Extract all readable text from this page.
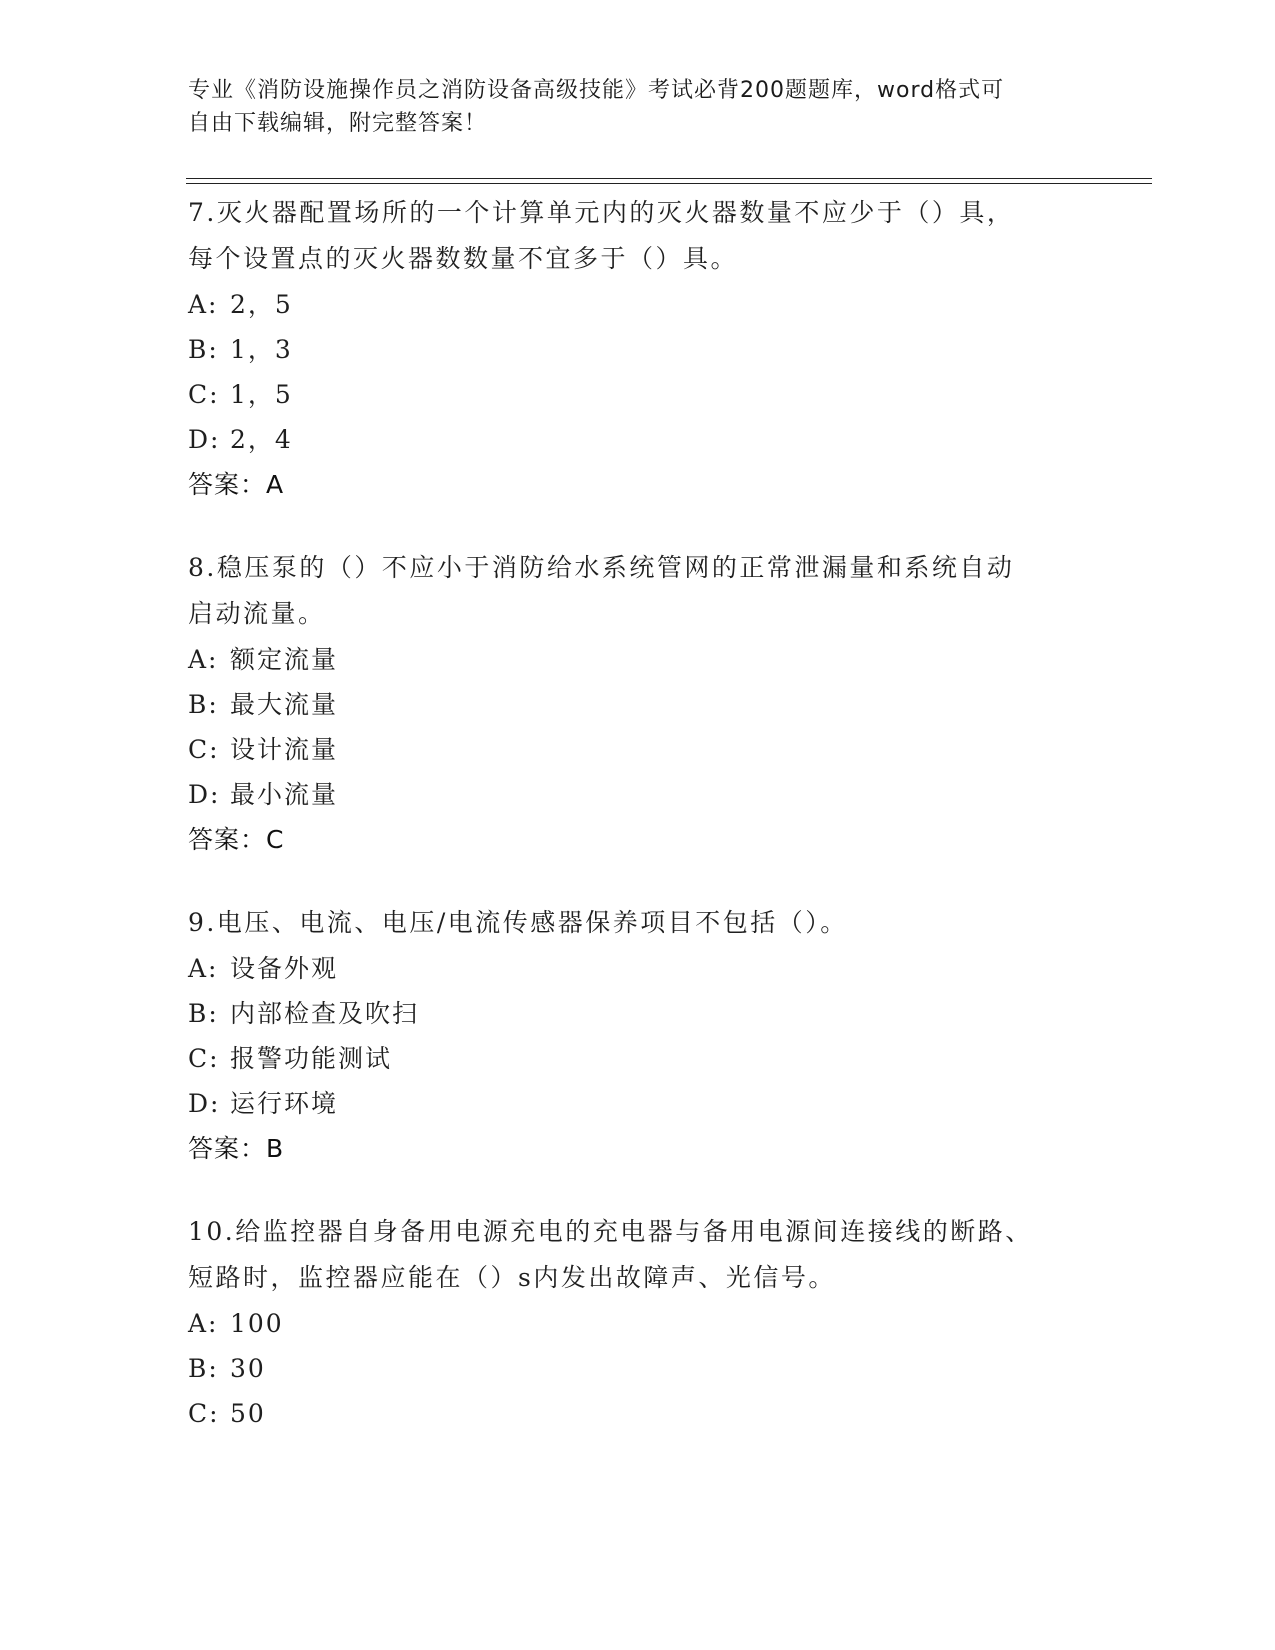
专业《消防设施操作员之消防设备高级技能》考试必背200题题库，word格式可
自由下载编辑，附完整答案！
7.灭火器配置场所的一个计算单元内的灭火器数量不应少于（）具，
每个设置点的灭火器数数量不宜多于（）具。
A: 2，5
B: 1，3
C: 1，5
D: 2，4
答案：A
8.稳压泵的（）不应小于消防给水系统管网的正常泄漏量和系统自动
启动流量。
A: 额定流量
B: 最大流量
C: 设计流量
D: 最小流量
答案：C
9.电压、电流、电压/电流传感器保养项目不包括（）。
A: 设备外观
B: 内部检查及吹扫
C: 报警功能测试
D: 运行环境
答案：B
10.给监控器自身备用电源充电的充电器与备用电源间连接线的断路、
短路时，监控器应能在（）s内发出故障声、光信号。
A: 100
B: 30
C: 50
